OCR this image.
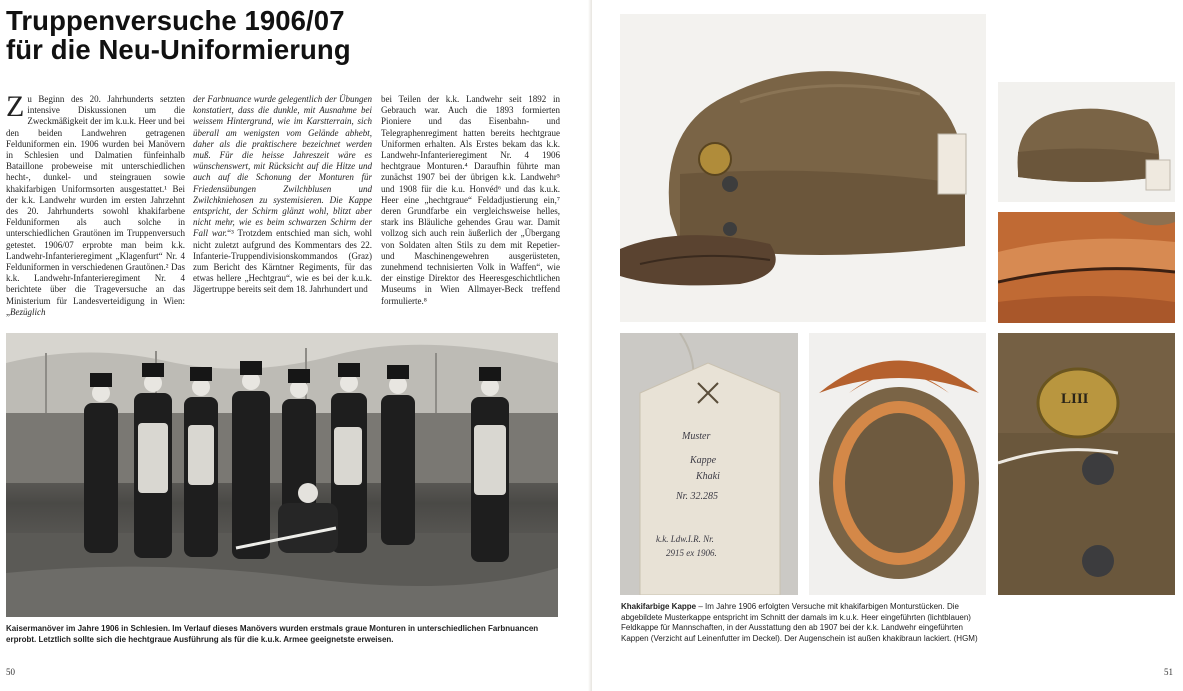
Truppenversuche 1906/07
für die Neu-Uniformierung

Zu Beginn des 20. Jahrhunderts setzten intensive Diskussionen um die Zweckmäßigkeit der im k.u.k. Heer und bei den beiden Landwehren getragenen Felduniformen ein. 1906 wurden bei Manövern in Schlesien und Dalmatien fünfeinhalb Bataillone probeweise mit unterschiedlichen hecht-, dunkel- und steingrauen sowie khakifarbigen Uniformsorten ausgestattet.¹ Bei der k.k. Landwehr wurden im ersten Jahrzehnt des 20. Jahrhunderts sowohl khakifarbene Felduniformen als auch solche in unterschiedlichen Grautönen im Truppenversuch getestet. 1906/07 erprobte man beim k.k. Landwehr-Infanterieregiment „Klagenfurt“ Nr. 4 Felduniformen in verschiedenen Grautönen.² Das k.k. Landwehr-Infanterieregiment Nr. 4 berichtete über die Trageversuche an das Ministerium für Landesverteidigung in Wien: „Bezüglich

der Farbnuance wurde gelegentlich der Übungen konstatiert, dass die dunkle, mit Ausnahme bei weissem Hintergrund, wie im Karstterrain, sich überall am wenigsten vom Gelände abhebt, daher als die praktischere bezeichnet werden muß. Für die heisse Jahreszeit wäre es wünschenswert, mit Rücksicht auf die Hitze und auch auf die Schonung der Monturen für Friedensübungen Zwilchblusen und Zwilchkniehosen zu systemisieren. Die Kappe entspricht, der Schirm glänzt wohl, blitzt aber nicht mehr, wie es beim schwarzen Schirm der Fall war.“³ Trotzdem entschied man sich, wohl nicht zuletzt aufgrund des Kommentars des 22. Infanterie-Truppendivisionskommandos (Graz) zum Bericht des Kärntner Regiments, für das etwas hellere „Hechtgrau“, wie es bei der k.u.k. Jägertruppe bereits seit dem 18. Jahrhundert und

bei Teilen der k.k. Landwehr seit 1892 in Gebrauch war. Auch die 1893 formierten Pioniere und das Eisenbahn- und Telegraphenregiment hatten bereits hechtgraue Uniformen erhalten. Als Erstes bekam das k.k. Landwehr-Infanterieregiment Nr. 4 1906 hechtgraue Monturen.⁴ Daraufhin führte man zunächst 1907 bei der übrigen k.k. Landwehr⁵ und 1908 für die k.u. Honvéd⁶ und das k.u.k. Heer eine „hechtgraue“ Feldadjustierung ein,⁷ deren Grundfarbe ein vergleichsweise helles, stark ins Bläuliche gehendes Grau war. Damit vollzog sich auch rein äußerlich der „Übergang von Soldaten alten Stils zu dem mit Repetier- und Maschinengewehren ausgerüsteten, zunehmend technisierten Volk in Waffen“, wie der einstige Direktor des Heeresgeschichtlichen Museums in Wien Allmayer-Beck treffend formulierte.⁸

Kaisermanöver im Jahre 1906 in Schlesien. Im Verlauf dieses Manövers wurden erstmals graue Monturen in unterschiedlichen Farbnuancen erprobt. Letztlich sollte sich die hechtgraue Ausführung als für die k.u.k. Armee geeignetste erweisen.
50
Muster
Kappe
Khaki
Nr. 32.285
k.k. Ldw.I.R. Nr.
2915 ex 1906.
LIII
Khakifarbige Kappe – Im Jahre 1906 erfolgten Versuche mit khakifarbigen Monturstücken. Die abgebildete Musterkappe entspricht im Schnitt der damals im k.u.k. Heer eingeführten (lichtblauen) Feldkappe für Mannschaften, in der Ausstattung den ab 1907 bei der k.k. Landwehr eingeführten Kappen (Verzicht auf Leinenfutter im Deckel). Der Augenschein ist außen khakibraun lackiert. (HGM)
51
